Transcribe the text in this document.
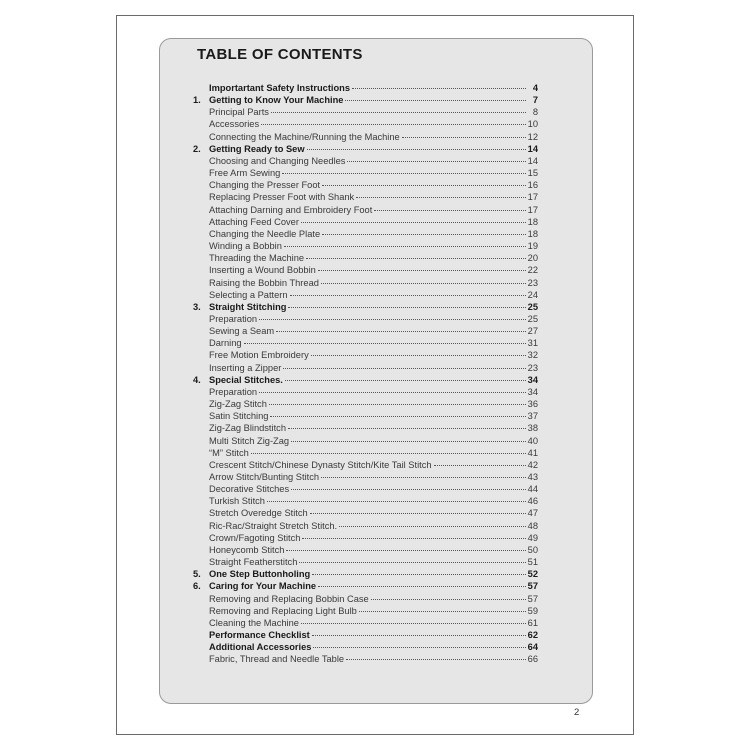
TABLE OF CONTENTS
Importartant Safety Instructions	4
1. Getting to Know Your Machine	7
Principal Parts	8
Accessories	10
Connecting the Machine/Running the Machine	12
2. Getting Ready to Sew	14
Choosing and Changing Needles	14
Free Arm Sewing	15
Changing the Presser Foot	16
Replacing Presser Foot with Shank	17
Attaching Darning and Embroidery Foot	17
Attaching Feed Cover	18
Changing the Needle Plate	18
Winding a Bobbin	19
Threading the Machine	20
Inserting a Wound Bobbin	22
Raising the Bobbin Thread	23
Selecting a Pattern	24
3. Straight Stitching	25
Preparation	25
Sewing a Seam	27
Darning	31
Free Motion Embroidery	32
Inserting a Zipper	23
4. Special Stitches.	34
Preparation	34
Zig-Zag Stitch	36
Satin Stitching	37
Zig-Zag Blindstitch	38
Multi Stitch Zig-Zag	40
“M” Stitch	41
Crescent Stitch/Chinese Dynasty Stitch/Kite Tail Stitch	42
Arrow Stitch/Bunting Stitch	43
Decorative Stitches	44
Turkish Stitch	46
Stretch Overedge Stitch	47
Ric-Rac/Straight Stretch Stitch.	48
Crown/Fagoting Stitch	49
Honeycomb Stitch	50
Straight Featherstitch	51
5. One Step Buttonholing	52
6. Caring for Your Machine	57
Removing and Replacing Bobbin Case	57
Removing and Replacing Light Bulb	59
Cleaning the Machine	61
Performance Checklist	62
Additional Accessories	64
Fabric, Thread and Needle Table	66
2
